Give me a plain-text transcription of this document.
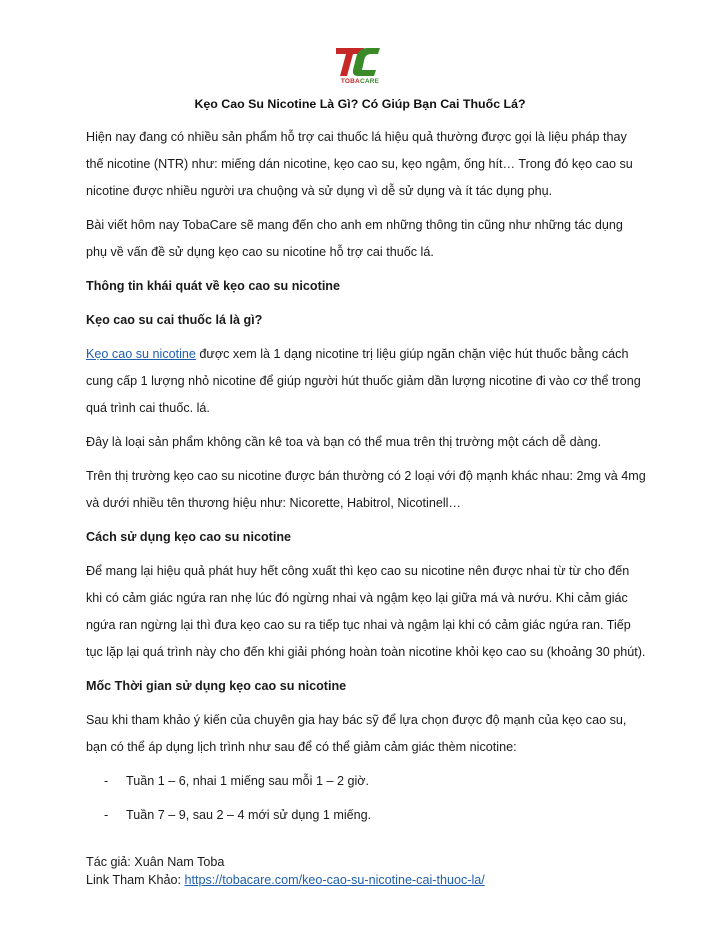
TOBACARE
Kẹo Cao Su Nicotine Là Gì? Có Giúp Bạn Cai Thuốc Lá?

Hiện nay đang có nhiều sản phẩm hỗ trợ cai thuốc lá hiệu quả thường được gọi là liệu pháp thay thế nicotine (NTR) như: miếng dán nicotine, kẹo cao su, kẹo ngậm, ống hít… Trong đó kẹo cao su nicotine được nhiều người ưa chuộng và sử dụng vì dễ sử dụng và ít tác dụng phụ.

Bài viết hôm nay TobaCare sẽ mang đến cho anh em những thông tin cũng như những tác dụng phụ về vấn đề sử dụng kẹo cao su nicotine hỗ trợ cai thuốc lá.

Thông tin khái quát về kẹo cao su nicotine

Kẹo cao su cai thuốc lá là gì?

Kẹo cao su nicotine được xem là 1 dạng nicotine trị liệu giúp ngăn chặn việc hút thuốc bằng cách cung cấp 1 lượng nhỏ nicotine để giúp người hút thuốc giảm dần lượng nicotine đi vào cơ thể trong quá trình cai thuốc. lá.

Đây là loại sản phẩm không cần kê toa và bạn có thể mua trên thị trường một cách dễ dàng.

Trên thị trường kẹo cao su nicotine được bán thường có 2 loại với độ mạnh khác nhau: 2mg và 4mg và dưới nhiều tên thương hiệu như: Nicorette, Habitrol, Nicotinell…

Cách sử dụng kẹo cao su nicotine

Để mang lại hiệu quả phát huy hết công xuất thì kẹo cao su nicotine nên được nhai từ từ cho đến khi có cảm giác ngứa ran nhẹ lúc đó ngừng nhai và ngậm kẹo lại giữa má và nướu. Khi cảm giác ngứa ran ngừng lại thì đưa kẹo cao su ra tiếp tục nhai và ngậm lại khi có cảm giác ngứa ran. Tiếp tục lặp lại quá trình này cho đến khi giải phóng hoàn toàn nicotine khỏi kẹo cao su (khoảng 30 phút).

Mốc Thời gian sử dụng kẹo cao su nicotine

Sau khi tham khảo ý kiến của chuyên gia hay bác sỹ để lựa chọn được độ mạnh của kẹo cao su, bạn có thể áp dụng lịch trình như sau để có thể giảm cảm giác thèm nicotine:

- Tuần 1 – 6, nhai 1 miếng sau mỗi 1 – 2 giờ.
- Tuần 7 – 9, sau 2 – 4 mới sử dụng 1 miếng.
Tác giả: Xuân Nam Toba
Link Tham Khảo: https://tobacare.com/keo-cao-su-nicotine-cai-thuoc-la/
